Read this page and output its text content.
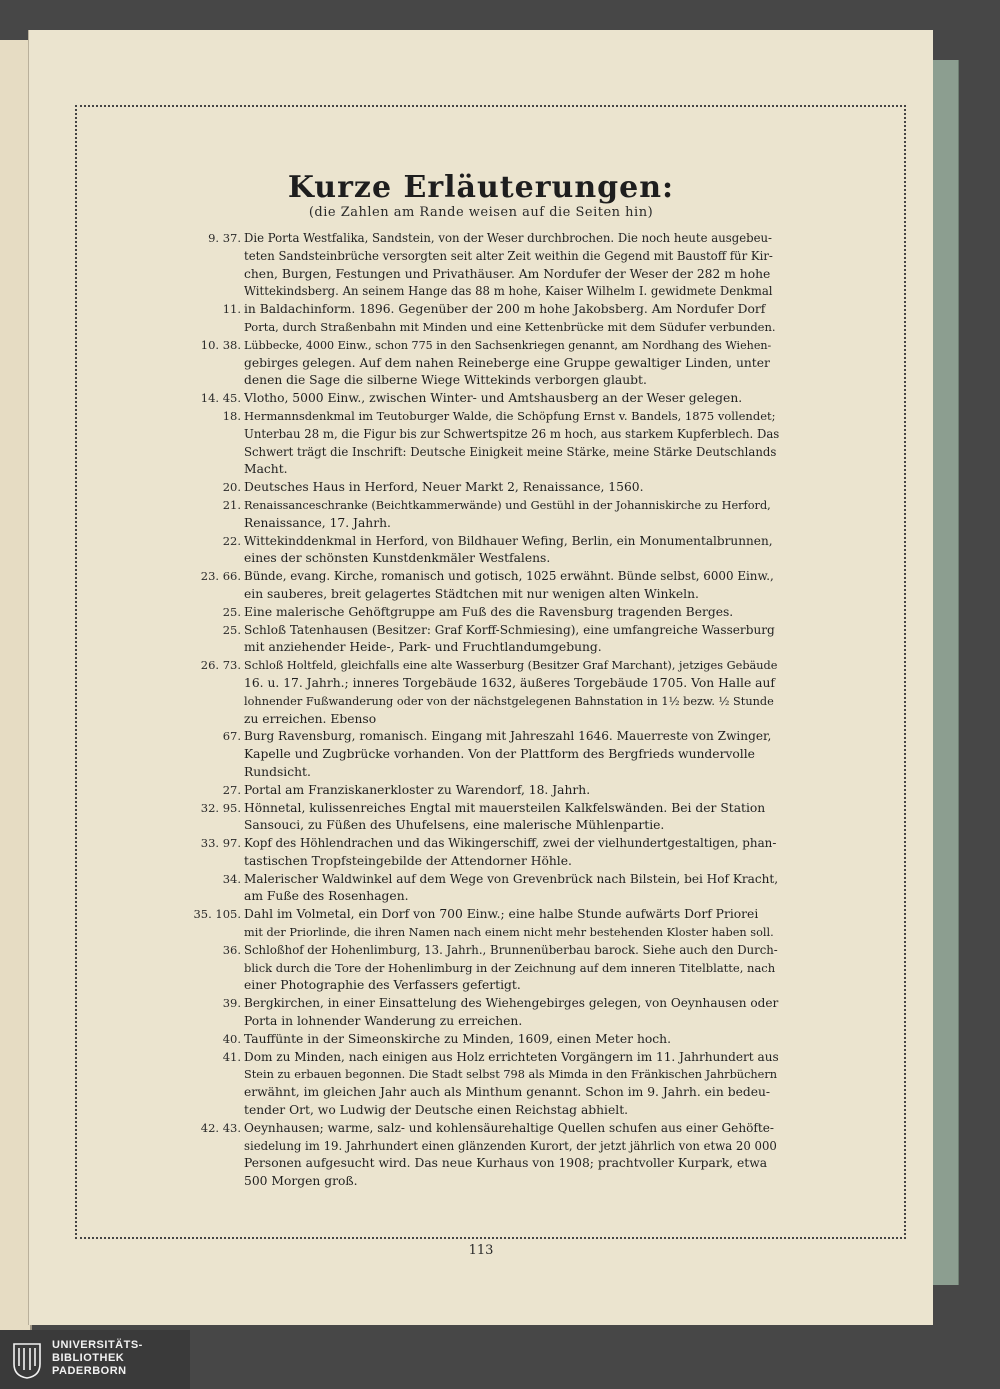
Kurze Erläuterungen:
(die Zahlen am Rande weisen auf die Seiten hin)
9. 37. Die Porta Westfalika, Sandstein, von der Weser durchbrochen. Die noch heute ausgebeu-
teten Sandsteinbrüche versorgten seit alter Zeit weithin die Gegend mit Baustoff für Kir-
chen, Burgen, Festungen und Privathäuser. Am Nordufer der Weser der 282 m hohe
Wittekindsberg. An seinem Hange das 88 m hohe, Kaiser Wilhelm I. gewidmete Denkmal
11. in Baldachinform. 1896. Gegenüber der 200 m hohe Jakobsberg. Am Nordufer Dorf
Porta, durch Straßenbahn mit Minden und eine Kettenbrücke mit dem Südufer verbunden.
10. 38. Lübbecke, 4000 Einw., schon 775 in den Sachsenkriegen genannt, am Nordhang des Wiehen-
gebirges gelegen. Auf dem nahen Reineberge eine Gruppe gewaltiger Linden, unter
denen die Sage die silberne Wiege Wittekinds verborgen glaubt.
14. 45. Vlotho, 5000 Einw., zwischen Winter- und Amtshausberg an der Weser gelegen.
18. Hermannsdenkmal im Teutoburger Walde, die Schöpfung Ernst v. Bandels, 1875 vollendet;
Unterbau 28 m, die Figur bis zur Schwertspitze 26 m hoch, aus starkem Kupferblech. Das
Schwert trägt die Inschrift: Deutsche Einigkeit meine Stärke, meine Stärke Deutschlands
Macht.
20. Deutsches Haus in Herford, Neuer Markt 2, Renaissance, 1560.
21. Renaissanceschranke (Beichtkammerwände) und Gestühl in der Johanniskirche zu Herford,
Renaissance, 17. Jahrh.
22. Wittekinddenkmal in Herford, von Bildhauer Wefing, Berlin, ein Monumentalbrunnen,
eines der schönsten Kunstdenkmäler Westfalens.
23. 66. Bünde, evang. Kirche, romanisch und gotisch, 1025 erwähnt. Bünde selbst, 6000 Einw.,
ein sauberes, breit gelagertes Städtchen mit nur wenigen alten Winkeln.
25. Eine malerische Gehöftgruppe am Fuß des die Ravensburg tragenden Berges.
25. Schloß Tatenhausen (Besitzer: Graf Korff-Schmiesing), eine umfangreiche Wasserburg
mit anziehender Heide-, Park- und Fruchtlandumgebung.
26. 73. Schloß Holtfeld, gleichfalls eine alte Wasserburg (Besitzer Graf Marchant), jetziges Gebäude
16. u. 17. Jahrh.; inneres Torgebäude 1632, äußeres Torgebäude 1705. Von Halle auf
lohnender Fußwanderung oder von der nächstgelegenen Bahnstation in 1½ bezw. ½ Stunde
zu erreichen. Ebenso
67. Burg Ravensburg, romanisch. Eingang mit Jahreszahl 1646. Mauerreste von Zwinger,
Kapelle und Zugbrücke vorhanden. Von der Plattform des Bergfrieds wundervolle
Rundsicht.
27. Portal am Franziskanerkloster zu Warendorf, 18. Jahrh.
32. 95. Hönnetal, kulissenreiches Engtal mit mauersteilen Kalkfelswänden. Bei der Station
Sansouci, zu Füßen des Uhufelsens, eine malerische Mühlenpartie.
33. 97. Kopf des Höhlendrachen und das Wikingerschiff, zwei der vielhundertgestaltigen, phan-
tastischen Tropfsteingebilde der Attendorner Höhle.
34. Malerischer Waldwinkel auf dem Wege von Grevenbrück nach Bilstein, bei Hof Kracht,
am Fuße des Rosenhagen.
35. 105. Dahl im Volmetal, ein Dorf von 700 Einw.; eine halbe Stunde aufwärts Dorf Priorei
mit der Priorlinde, die ihren Namen nach einem nicht mehr bestehenden Kloster haben soll.
36. Schloßhof der Hohenlimburg, 13. Jahrh., Brunnenüberbau barock. Siehe auch den Durch-
blick durch die Tore der Hohenlimburg in der Zeichnung auf dem inneren Titelblatte, nach
einer Photographie des Verfassers gefertigt.
39. Bergkirchen, in einer Einsattelung des Wiehengebirges gelegen, von Oeynhausen oder
Porta in lohnender Wanderung zu erreichen.
40. Tauffünte in der Simeonskirche zu Minden, 1609, einen Meter hoch.
41. Dom zu Minden, nach einigen aus Holz errichteten Vorgängern im 11. Jahrhundert aus
Stein zu erbauen begonnen. Die Stadt selbst 798 als Mimda in den Fränkischen Jahrbüchern
erwähnt, im gleichen Jahr auch als Minthum genannt. Schon im 9. Jahrh. ein bedeu-
tender Ort, wo Ludwig der Deutsche einen Reichstag abhielt.
42. 43. Oeynhausen; warme, salz- und kohlensäurehaltige Quellen schufen aus einer Gehöfte-
siedelung im 19. Jahrhundert einen glänzenden Kurort, der jetzt jährlich von etwa 20 000
Personen aufgesucht wird. Das neue Kurhaus von 1908; prachtvoller Kurpark, etwa
500 Morgen groß.
113
UNIVERSITÄTS-
BIBLIOTHEK
PADERBORN
